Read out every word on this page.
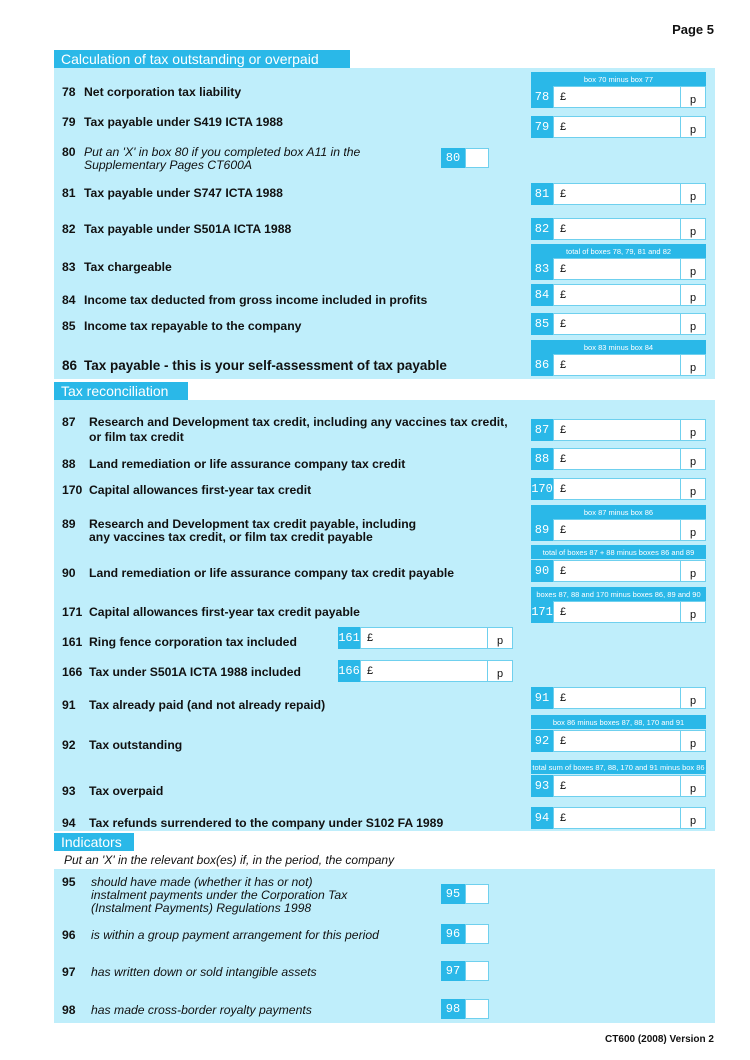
Page 5
CT600 (2008) Version 2
Calculation of tax outstanding or overpaid
box 70 minus box 77
78 Net corporation tax liability	78 £	p
79 Tax payable under S419 ICTA 1988	79 £	p
80 Put an 'X' in box 80 if you completed box A11 in the
Supplementary Pages CT600A	80
81 Tax payable under S747 ICTA 1988	81 £	p
82 Tax payable under S501A ICTA 1988	82 £	p
total of boxes 78, 79, 81 and 82
83 Tax chargeable	83 £	p
84 Income tax deducted from gross income included in profits	84 £	p
85 Income tax repayable to the company	85 £	p
box 83 minus box 84
86 Tax payable - this is your self-assessment of tax payable	86 £	p
Tax reconciliation
87	Research and Development tax credit, including any vaccines tax credit,
or film tax credit	87 £	p
88 Land remediation or life assurance company tax credit	88 £	p
170 Capital allowances first-year tax credit	170 £	p
box 87 minus box 86
89	Research and Development tax credit payable, including
any vaccines tax credit, or film tax credit payable	89 £	p
total of boxes 87 + 88 minus boxes 86 and 89
90 Land remediation or life assurance company tax credit payable	90 £	p
boxes 87, 88 and 170 minus boxes 86, 89 and 90
171 Capital allowances first-year tax credit payable	171 £	p
161 Ring fence corporation tax included	161 £	p
166 Tax under S501A ICTA 1988 included	166 £	p
91 Tax already paid (and not already repaid)	91 £	p
box 86 minus boxes 87, 88, 170 and 91
92 Tax outstanding	92 £	p
total sum of boxes 87, 88, 170 and 91 minus box 86
93 Tax overpaid	93 £	p
94 Tax refunds surrendered to the company under S102 FA 1989	94 £	p
Indicators
Put an 'X' in the relevant box(es) if, in the period, the company
95	should have made (whether it has or not)
instalment payments under the Corporation Tax
(Instalment Payments) Regulations 1998
95
96 is within a group payment arrangement for this period	96
97 has written down or sold intangible assets	97
98 has made cross-border royalty payments	98
